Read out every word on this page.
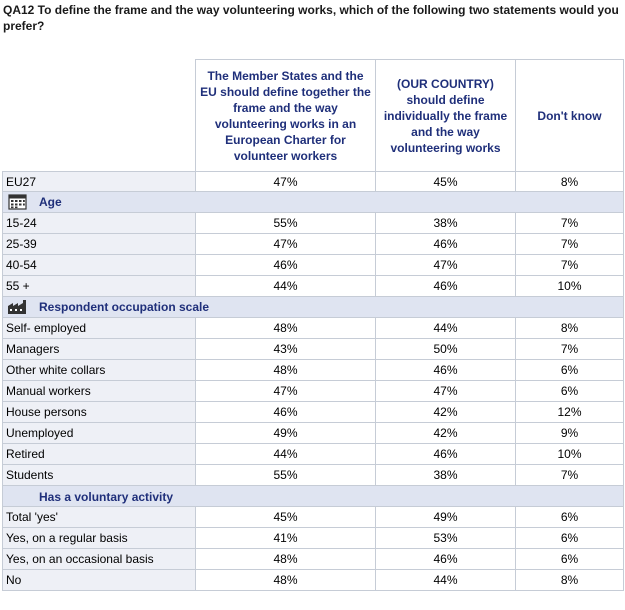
QA12 To define the frame and the way volunteering works, which of the following two statements would you prefer?
	The Member States and the EU should define together the frame and the way volunteering works in an European Charter for volunteer workers	(OUR COUNTRY) should define individually the frame and the way volunteering works	Don't know
EU27	47%	45%	8%
Age			
15-24	55%	38%	7%
25-39	47%	46%	7%
40-54	46%	47%	7%
55 +	44%	46%	10%
Respondent occupation scale			
Self- employed	48%	44%	8%
Managers	43%	50%	7%
Other white collars	48%	46%	6%
Manual workers	47%	47%	6%
House persons	46%	42%	12%
Unemployed	49%	42%	9%
Retired	44%	46%	10%
Students	55%	38%	7%
Has a voluntary activity			
Total 'yes'	45%	49%	6%
Yes, on a regular basis	41%	53%	6%
Yes, on an occasional basis	48%	46%	6%
No	48%	44%	8%
